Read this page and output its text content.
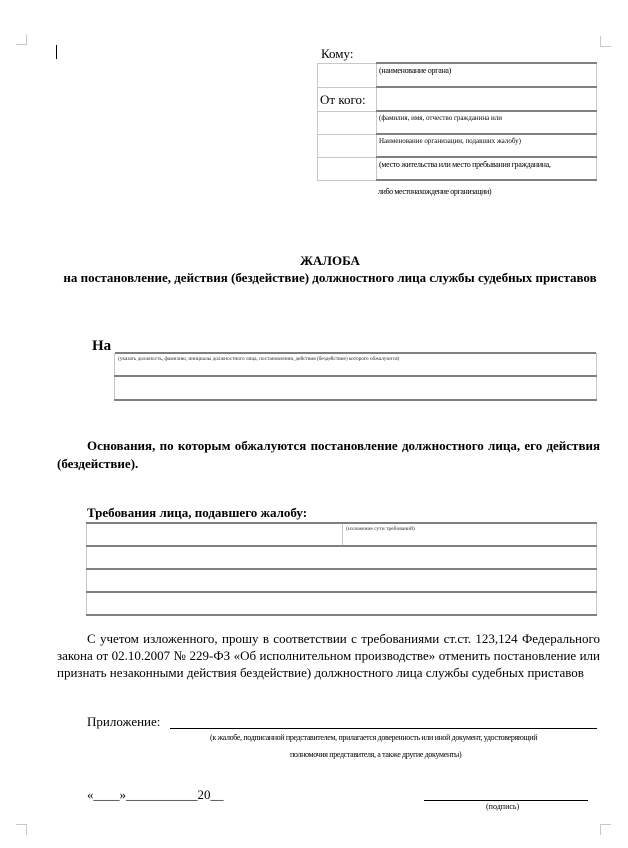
Кому:

	(наименование органа)

От кого:	

	(фамилия, имя, отчество гражданина или

	Наименование организации, подавших жалобу)

	(место жительства или место пребывания гражданина,
либо местонахождение организации)
ЖАЛОБА
на постановление, действия (бездействие) должностного лица службы судебных приставов
На
(указать должность, фамилию, инициалы должностного лица, постановления, действия (бездействие) которого обжалуются)

Основания, по которым обжалуются постановление должностного лица, его действия (бездействие).
Требования лица, подавшего жалобу:

(изложение сути требований)

С учетом изложенного, прошу в соответствии с требованиями ст.ст. 123,124 Федерального закона от 02.10.2007 № 229-ФЗ «Об исполнительном производстве» отменить постановление или признать незаконными действия бездействие) должностного лица службы судебных приставов
Приложение:
(к жалобе, подписанной представителем, прилагается доверенность или иной документ, удостоверяющий
полномочия представителя, а также другие документы)
«____»___________20__
(подпись)
